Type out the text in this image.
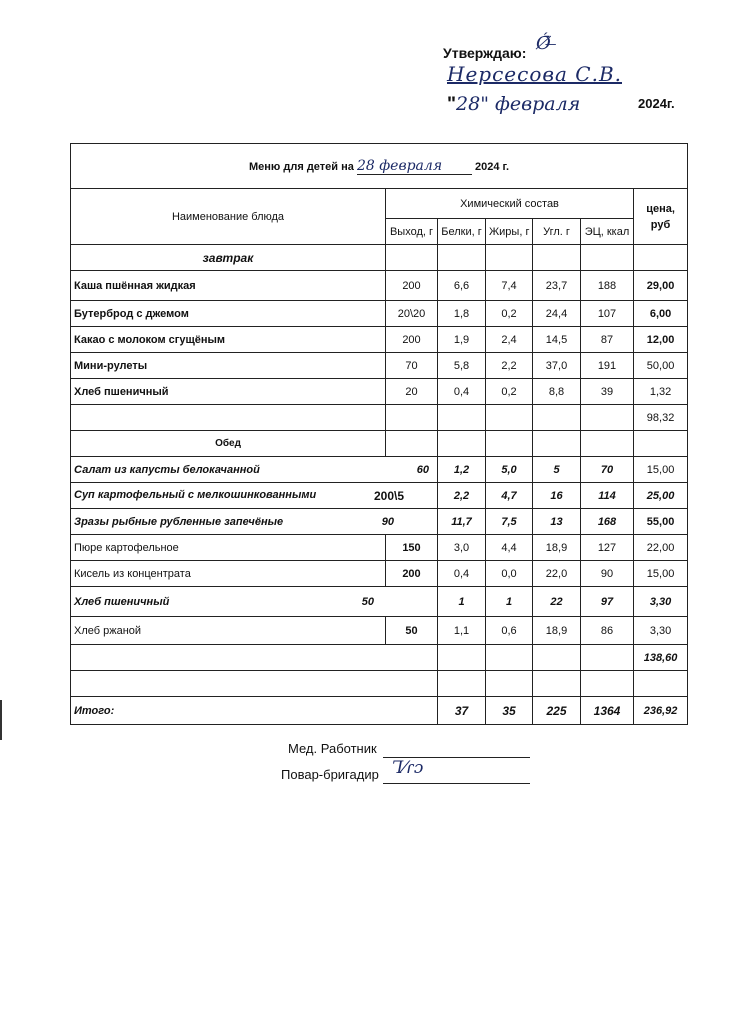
Утверждаю: Ǿ̄ ̶
Нерсесова С.В.
"28" февраля	2024г.
Меню для детей на 28 февраля 2024 г.						
Наименование блюда	Химический состав					цена, руб
	Выход, г	Белки, г	Жиры, г	Угл. г	ЭЦ, ккал	
завтрак						
Каша пшённая жидкая	200	6,6	7,4	23,7	188	29,00
Бутерброд с джемом	20\20	1,8	0,2	24,4	107	6,00
Какао с молоком сгущёным	200	1,9	2,4	14,5	87	12,00
Мини-рулеты	70	5,8	2,2	37,0	191	50,00
Хлеб пшеничный	20	0,4	0,2	8,8	39	1,32
						98,32
Обед						

Салат из капусты белокачанной 60		1,2	5,0	5	70	15,00

Суп картофельный с мелкошинкованными 200\5		2,2	4,7	16	114	25,00

Зразы рыбные рубленные запечёные 90		11,7	7,5	13	168	55,00
Пюре картофельное	150	3,0	4,4	18,9	127	22,00
Кисель из концентрата	200	0,4	0,0	22,0	90	15,00

Хлеб пшеничный 50		1	1	22	97	3,30
Хлеб ржаной	50	1,1	0,6	18,9	86	3,30
						138,60

Итого:		37	35	225	1364	236,92
Мед. Работник
Повар-бригадир Ꞁ⁄ɾɔ
